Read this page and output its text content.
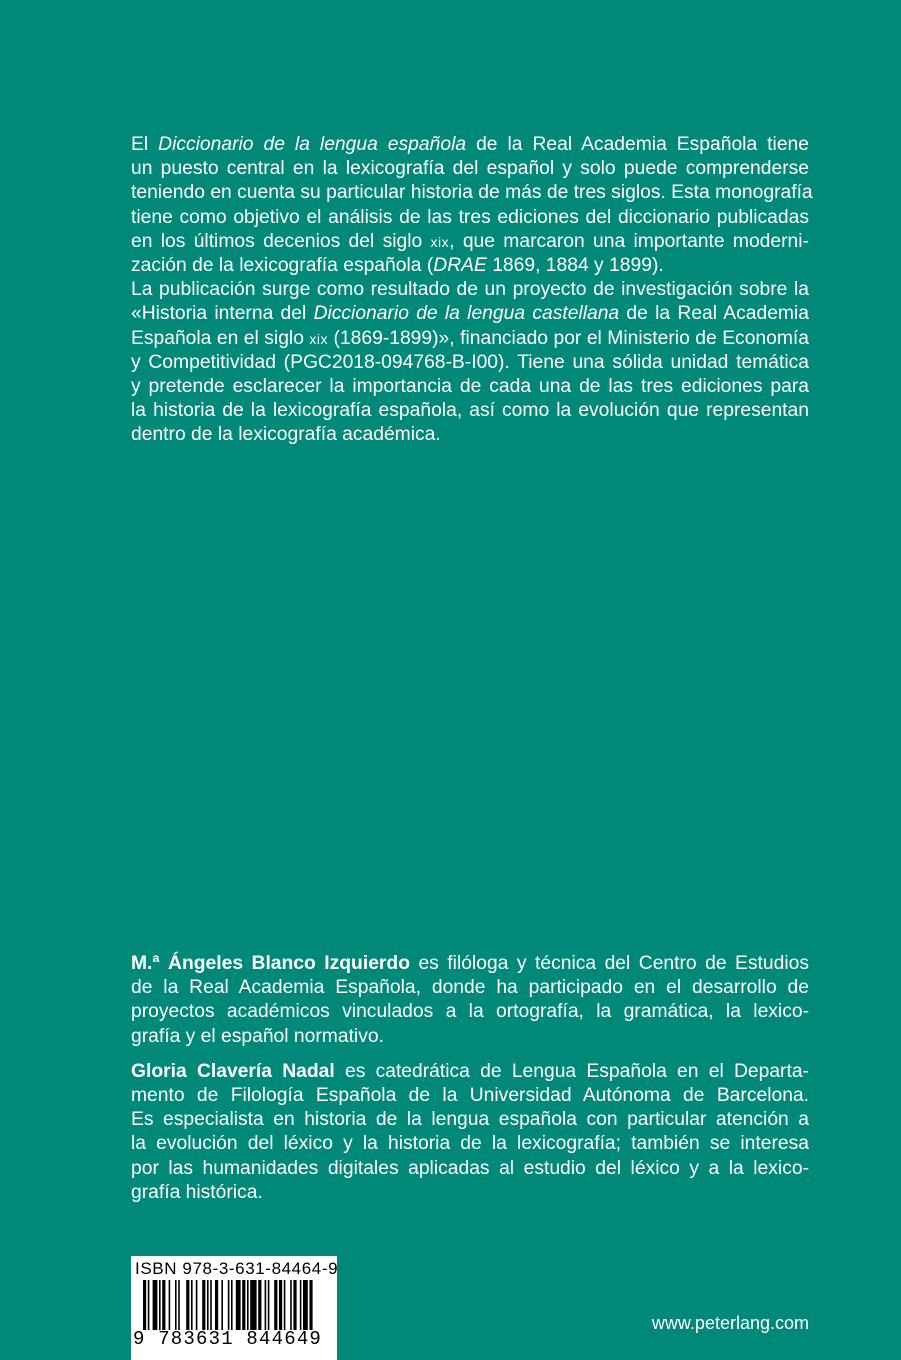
El Diccionario de la lengua española de la Real Academia Española tiene
un puesto central en la lexicografía del español y solo puede comprenderse
teniendo en cuenta su particular historia de más de tres siglos. Esta monografía
tiene como objetivo el análisis de las tres ediciones del diccionario publicadas
en los últimos decenios del siglo xix, que marcaron una importante moderni-
zación de la lexicografía española (DRAE 1869, 1884 y 1899).

La publicación surge como resultado de un proyecto de investigación sobre la
«Historia interna del Diccionario de la lengua castellana de la Real Academia
Española en el siglo xix (1869-1899)», financiado por el Ministerio de Economía
y Competitividad (PGC2018-094768-B-I00). Tiene una sólida unidad temática
y pretende esclarecer la importancia de cada una de las tres ediciones para
la historia de la lexicografía española, así como la evolución que representan
dentro de la lexicografía académica.

M.ª Ángeles Blanco Izquierdo es filóloga y técnica del Centro de Estudios
de la Real Academia Española, donde ha participado en el desarrollo de
proyectos académicos vinculados a la ortografía, la gramática, la lexico-
grafía y el español normativo.

Gloria Clavería Nadal es catedrática de Lengua Española en el Departa-
mento de Filología Española de la Universidad Autónoma de Barcelona.
Es especialista en historia de la lengua española con particular atención a
la evolución del léxico y la historia de la lexicografía; también se interesa
por las humanidades digitales aplicadas al estudio del léxico y a la lexico-
grafía histórica.

ISBN 978-3-631-84464-9
9 783631 844649
www.peterlang.com
